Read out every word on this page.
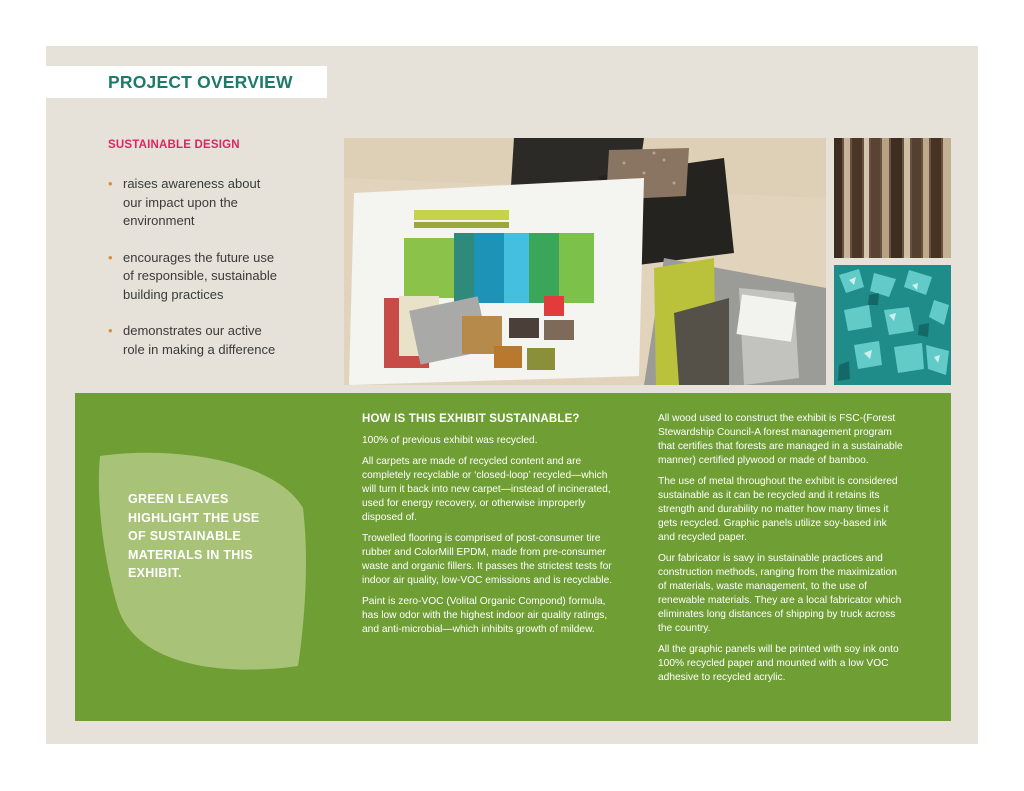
PROJECT OVERVIEW
SUSTAINABLE DESIGN
• raises awareness about
our impact upon the
environment
• encourages the future use
of responsible, sustainable
building practices
• demonstrates our active
role in making a difference
GREEN LEAVES
HIGHLIGHT THE USE
OF SUSTAINABLE
MATERIALS IN THIS
EXHIBIT.
HOW IS THIS EXHIBIT SUSTAINABLE?

100% of previous exhibit was recycled.

All carpets are made of recycled content and are completely recyclable or ‘closed-loop’ recycled—which will turn it back into new carpet—instead of incinerated, used for energy recovery, or otherwise improperly disposed of.

Trowelled flooring is comprised of post-consumer tire rubber and ColorMill EPDM, made from pre-consumer waste and organic fillers. It passes the strictest tests for indoor air quality, low-VOC emissions and is recyclable.

Paint is zero-VOC (Volital Organic Compond) formula, has low odor with the highest indoor air quality ratings, and anti-microbial—which inhibits growth of mildew.

All wood used to construct the exhibit is FSC-(Forest Stewardship Council-A forest management program that certifies that forests are managed in a sustainable manner) certified plywood or made of bamboo.

The use of metal throughout the exhibit is considered sustainable as it can be recycled and it retains its strength and durability no matter how many times it gets recycled. Graphic panels utilize soy-based ink and recycled paper.

Our fabricator is savy in sustainable practices and construction methods, ranging from the maximization of materials, waste management, to the use of renewable materials. They are a local fabricator which eliminates long distances of shipping by truck across the country.

All the graphic panels will be printed with soy ink onto 100% recycled paper and mounted with a low VOC adhesive to recycled acrylic.
